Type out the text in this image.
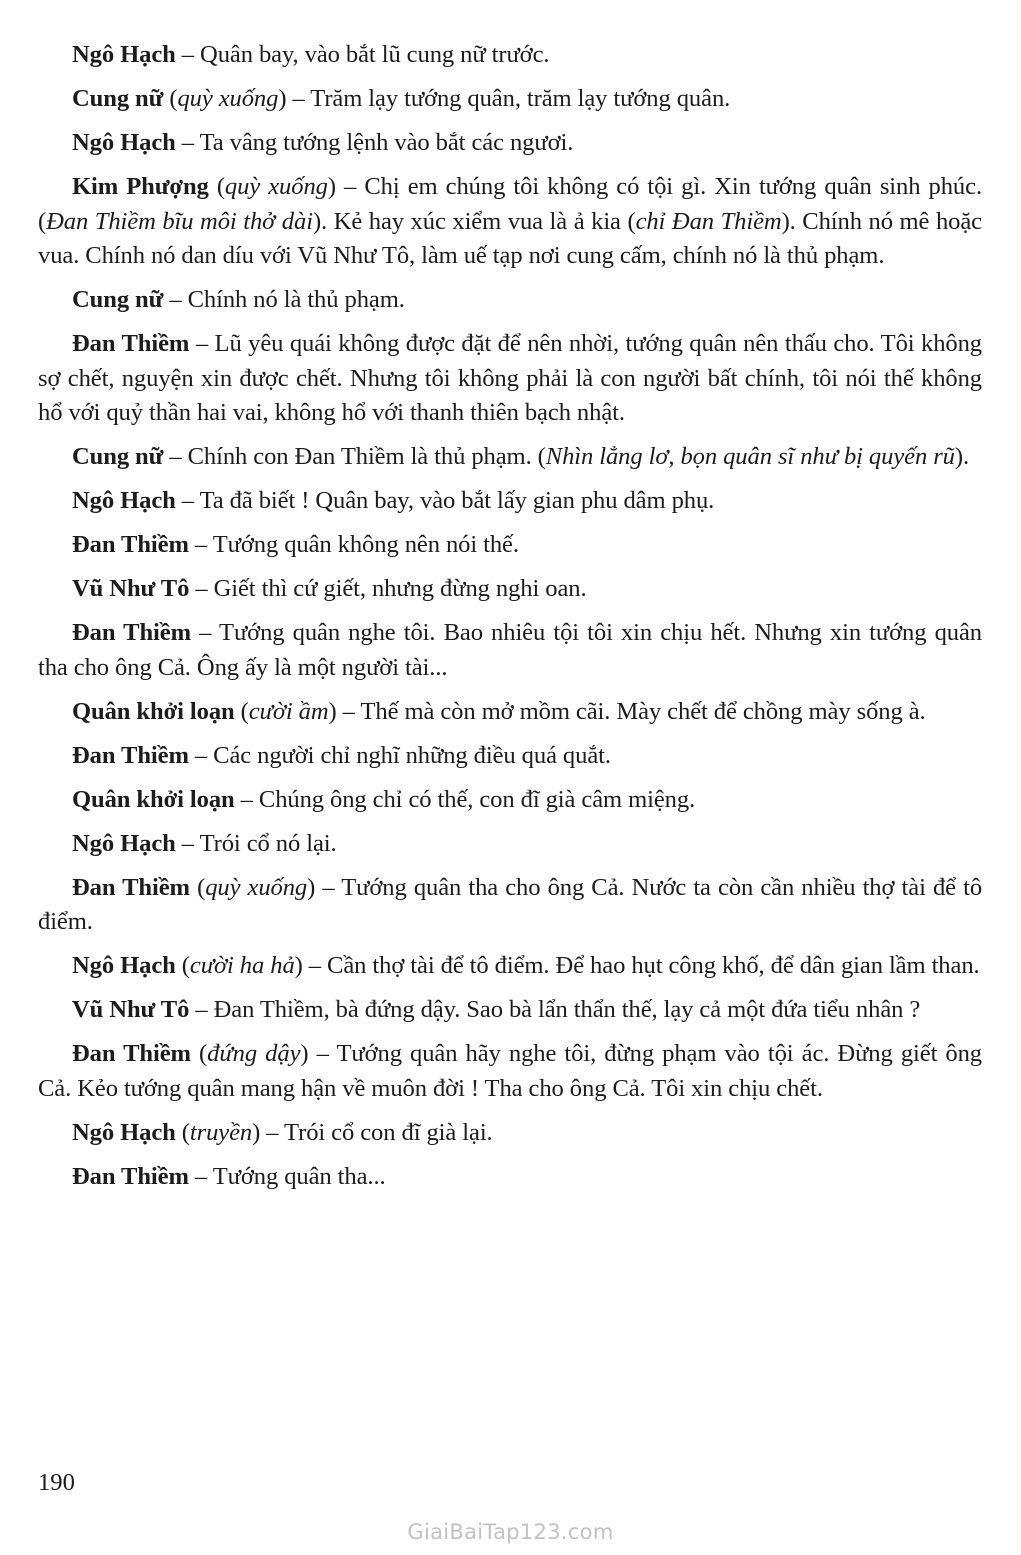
Ngô Hạch – Quân bay, vào bắt lũ cung nữ trước.

Cung nữ (quỳ xuống) – Trăm lạy tướng quân, trăm lạy tướng quân.

Ngô Hạch – Ta vâng tướng lệnh vào bắt các ngươi.

Kim Phượng (quỳ xuống) – Chị em chúng tôi không có tội gì. Xin tướng quân sinh phúc. (Đan Thiềm bĩu môi thở dài). Kẻ hay xúc xiểm vua là ả kia (chỉ Đan Thiềm). Chính nó mê hoặc vua. Chính nó dan díu với Vũ Như Tô, làm uế tạp nơi cung cấm, chính nó là thủ phạm.

Cung nữ – Chính nó là thủ phạm.

Đan Thiềm – Lũ yêu quái không được đặt để nên nhời, tướng quân nên thấu cho. Tôi không sợ chết, nguyện xin được chết. Nhưng tôi không phải là con người bất chính, tôi nói thế không hổ với quỷ thần hai vai, không hổ với thanh thiên bạch nhật.

Cung nữ – Chính con Đan Thiềm là thủ phạm. (Nhìn lẳng lơ, bọn quân sĩ như bị quyến rũ).

Ngô Hạch – Ta đã biết ! Quân bay, vào bắt lấy gian phu dâm phụ.

Đan Thiềm – Tướng quân không nên nói thế.

Vũ Như Tô – Giết thì cứ giết, nhưng đừng nghi oan.

Đan Thiềm – Tướng quân nghe tôi. Bao nhiêu tội tôi xin chịu hết. Nhưng xin tướng quân tha cho ông Cả. Ông ấy là một người tài...

Quân khởi loạn (cười ầm) – Thế mà còn mở mồm cãi. Mày chết để chồng mày sống à.

Đan Thiềm – Các người chỉ nghĩ những điều quá quắt.

Quân khởi loạn – Chúng ông chỉ có thế, con đĩ già câm miệng.

Ngô Hạch – Trói cổ nó lại.

Đan Thiềm (quỳ xuống) – Tướng quân tha cho ông Cả. Nước ta còn cần nhiều thợ tài để tô điểm.

Ngô Hạch (cười ha hả) – Cần thợ tài để tô điểm. Để hao hụt công khố, để dân gian lầm than.

Vũ Như Tô – Đan Thiềm, bà đứng dậy. Sao bà lẩn thẩn thế, lạy cả một đứa tiểu nhân ?

Đan Thiềm (đứng dậy) – Tướng quân hãy nghe tôi, đừng phạm vào tội ác. Đừng giết ông Cả. Kẻo tướng quân mang hận về muôn đời ! Tha cho ông Cả. Tôi xin chịu chết.

Ngô Hạch (truyền) – Trói cổ con đĩ già lại.

Đan Thiềm – Tướng quân tha...

190
GiaiBaiTap123.com
